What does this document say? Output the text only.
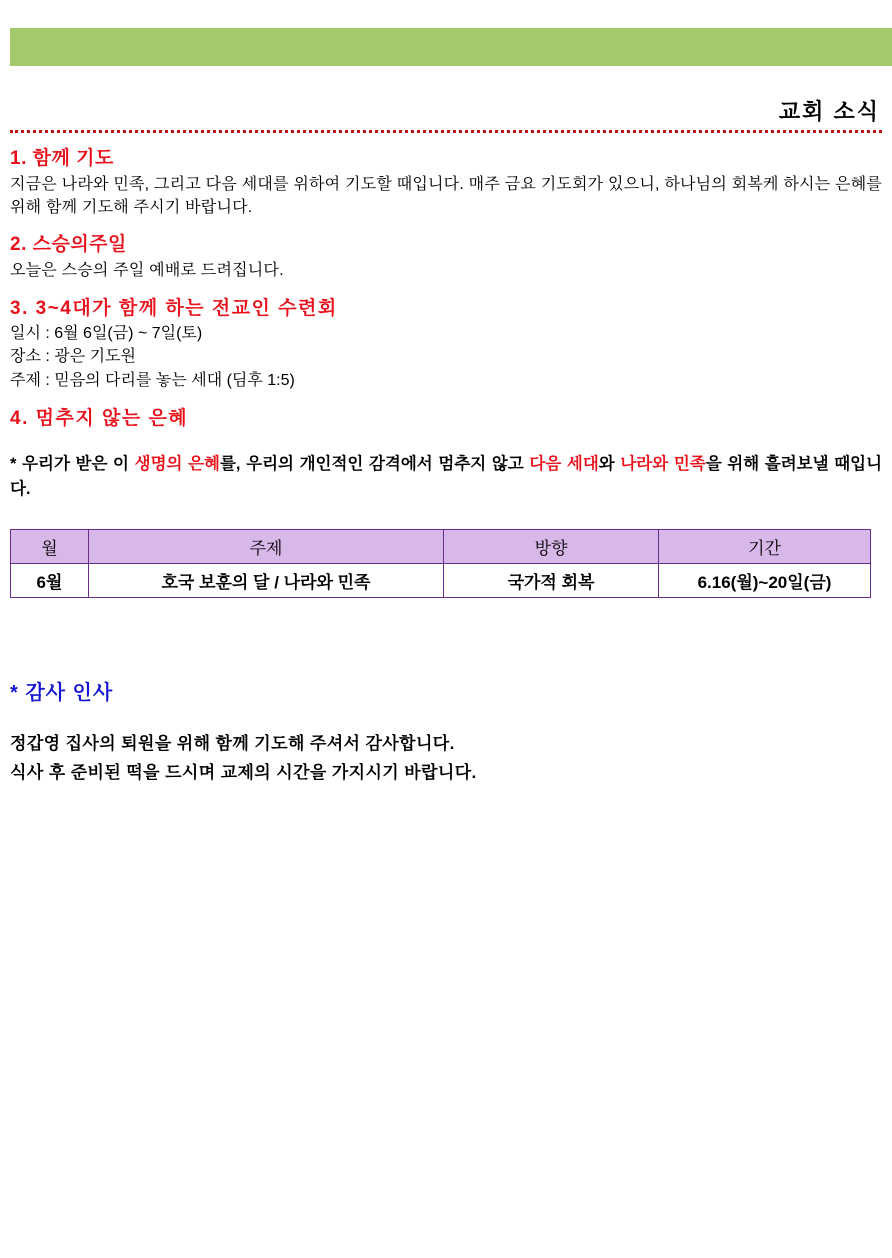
교회 소식
1. 함께 기도

지금은 나라와 민족, 그리고 다음 세대를 위하여 기도할 때입니다. 매주 금요 기도회가 있으니, 하나님의 회복케 하시는 은혜를 위해 함께 기도해 주시기 바랍니다.

2. 스승의주일

오늘은 스승의 주일 예배로 드려집니다.

3. 3~4대가 함께 하는 전교인 수련회

일시 : 6월 6일(금) ~ 7일(토)

장소 : 광은 기도원

주제 : 믿음의 다리를 놓는 세대 (딤후 1:5)

4. 멈추지 않는 은혜

* 우리가 받은 이 생명의 은혜를, 우리의 개인적인 감격에서 멈추지 않고 다음 세대와 나라와 민족을 위해 흘려보낼 때입니다.

월	주제	방향	기간
6월	호국 보훈의 달 / 나라와 민족	국가적 회복	6.16(월)~20일(금)
* 감사 인사

정갑영 집사의 퇴원을 위해 함께 기도해 주셔서 감사합니다.

식사 후 준비된 떡을 드시며 교제의 시간을 가지시기 바랍니다.
